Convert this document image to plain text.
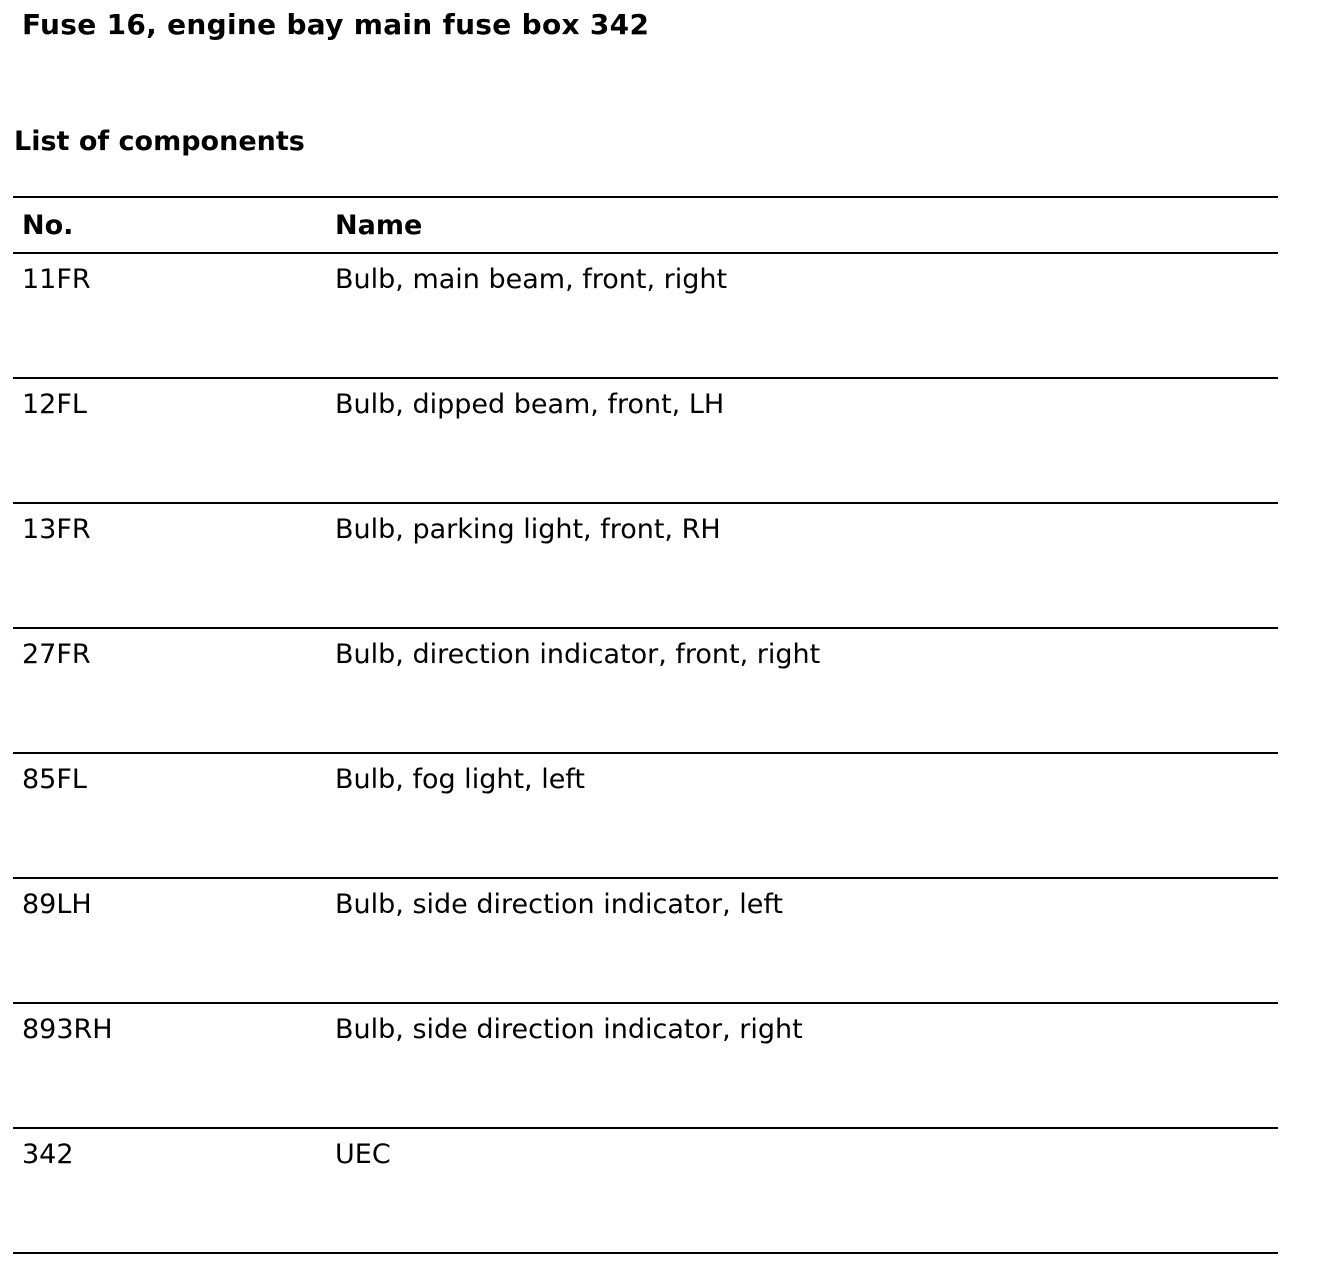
Fuse 16, engine bay main fuse box 342
List of components
No.	Name
11FR	Bulb, main beam, front, right
12FL	Bulb, dipped beam, front, LH
13FR	Bulb, parking light, front, RH
27FR	Bulb, direction indicator, front, right
85FL	Bulb, fog light, left
89LH	Bulb, side direction indicator, left
893RH	Bulb, side direction indicator, right
342	UEC
